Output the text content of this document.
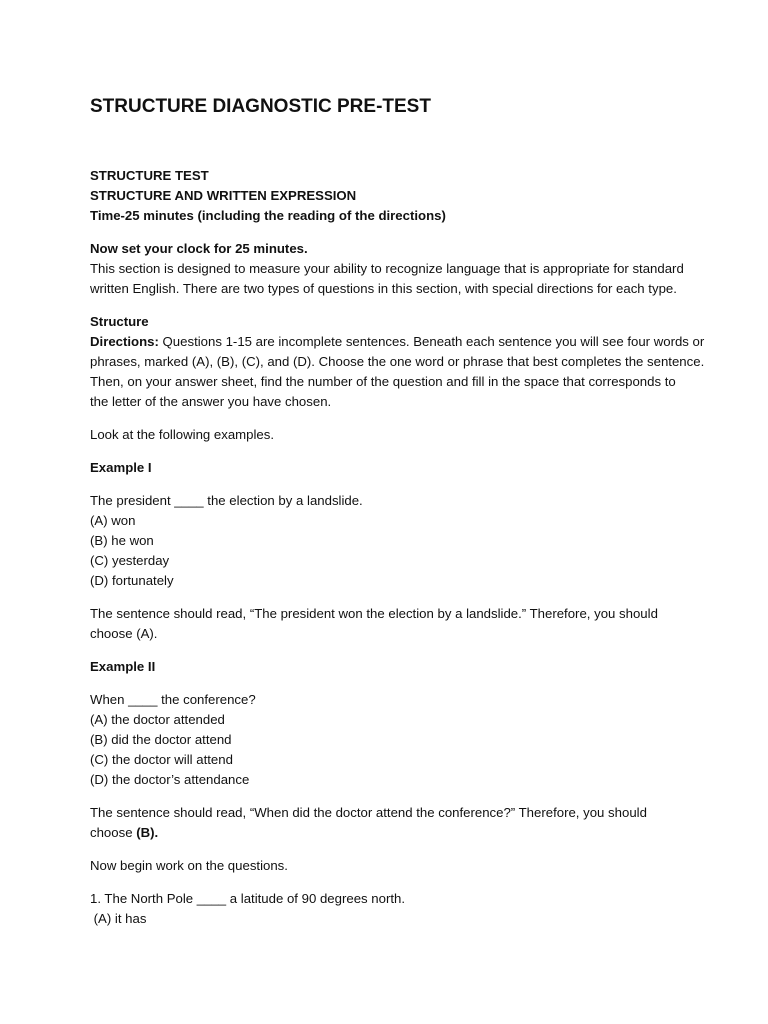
STRUCTURE DIAGNOSTIC PRE-TEST
STRUCTURE TEST
STRUCTURE AND WRITTEN EXPRESSION
Time-25 minutes (including the reading of the directions)
Now set your clock for 25 minutes.
This section is designed to measure your ability to recognize language that is appropriate for standard
written English. There are two types of questions in this section, with special directions for each type.
Structure
Directions: Questions 1-15 are incomplete sentences. Beneath each sentence you will see four words or
phrases, marked (A), (B), (C), and (D). Choose the one word or phrase that best completes the sentence.
Then, on your answer sheet, find the number of the question and fill in the space that corresponds to
the letter of the answer you have chosen.
Look at the following examples.
Example I
The president ____ the election by a landslide.
(A) won
(B) he won
(C) yesterday
(D) fortunately
The sentence should read, “The president won the election by a landslide.” Therefore, you should
choose (A).
Example II
When ____ the conference?
(A) the doctor attended
(B) did the doctor attend
(C) the doctor will attend
(D) the doctor’s attendance
The sentence should read, “When did the doctor attend the conference?” Therefore, you should
choose (B).
Now begin work on the questions.
1. The North Pole ____ a latitude of 90 degrees north.
(A) it has
